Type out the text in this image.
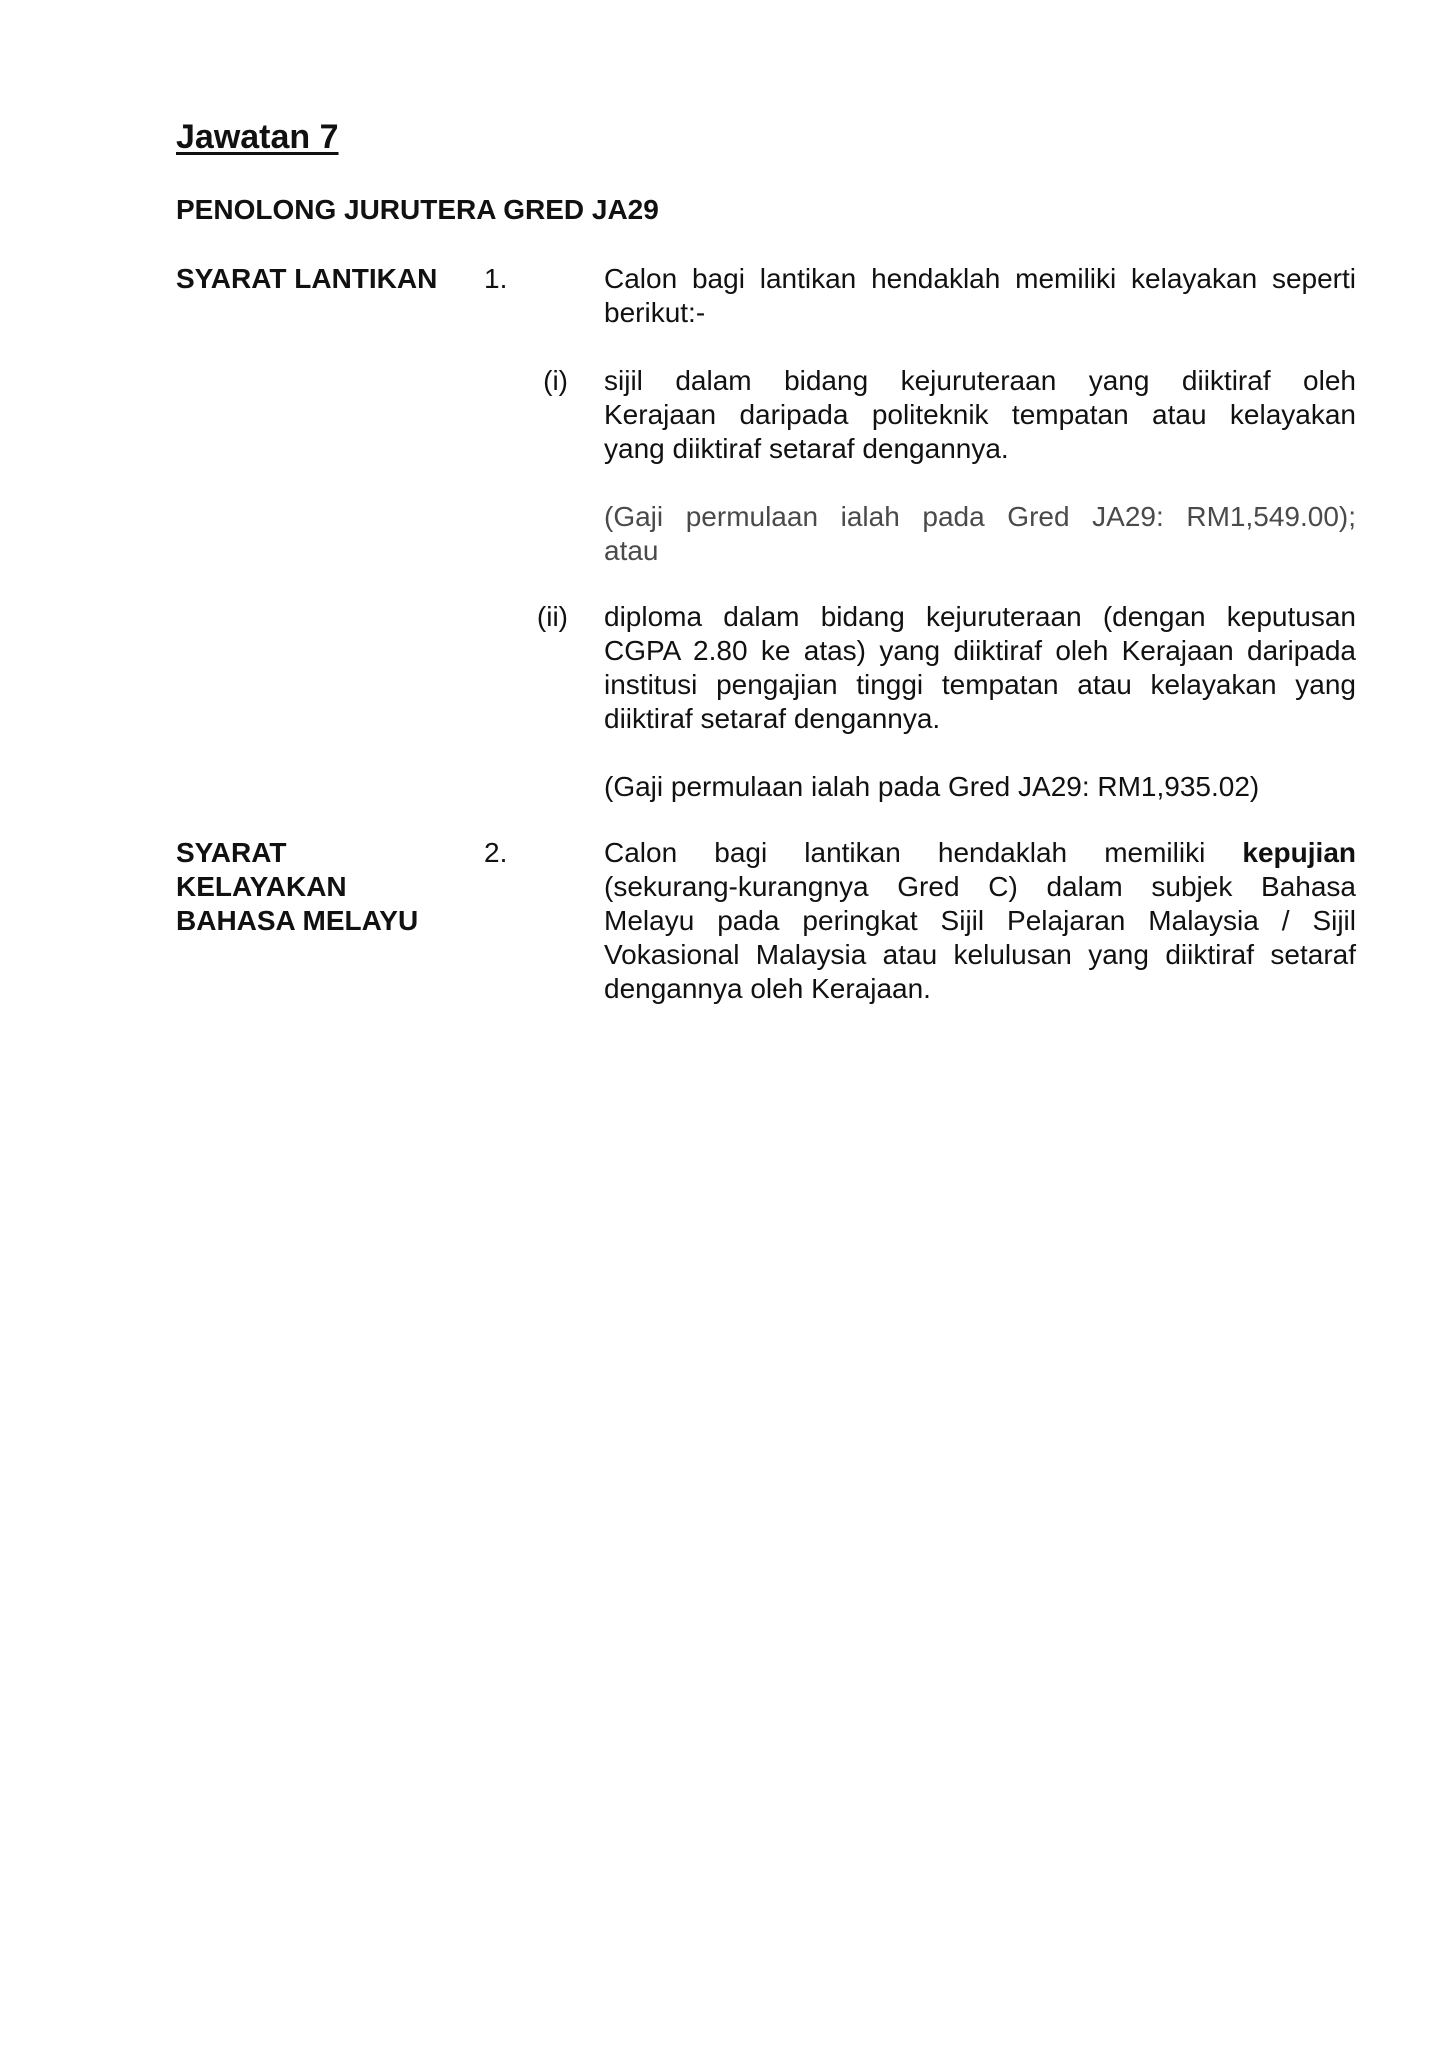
Jawatan 7
PENOLONG JURUTERA GRED JA29
SYARAT LANTIKAN 1.	Calon bagi lantikan hendaklah memiliki kelayakan seperti
berikut:-
(i) sijil dalam bidang kejuruteraan yang diiktiraf oleh
Kerajaan daripada politeknik tempatan atau kelayakan
yang diiktiraf setaraf dengannya.
(Gaji permulaan ialah pada Gred JA29: RM1,549.00);
atau
(ii) diploma dalam bidang kejuruteraan (dengan keputusan
CGPA 2.80 ke atas) yang diiktiraf oleh Kerajaan daripada
institusi pengajian tinggi tempatan atau kelayakan yang
diiktiraf setaraf dengannya.
(Gaji permulaan ialah pada Gred JA29: RM1,935.02)
SYARAT
KELAYAKAN
BAHASA MELAYU
2.	Calon bagi lantikan hendaklah memiliki kepujian
(sekurang-kurangnya Gred C) dalam subjek Bahasa
Melayu pada peringkat Sijil Pelajaran Malaysia / Sijil
Vokasional Malaysia atau kelulusan yang diiktiraf setaraf
dengannya oleh Kerajaan.
